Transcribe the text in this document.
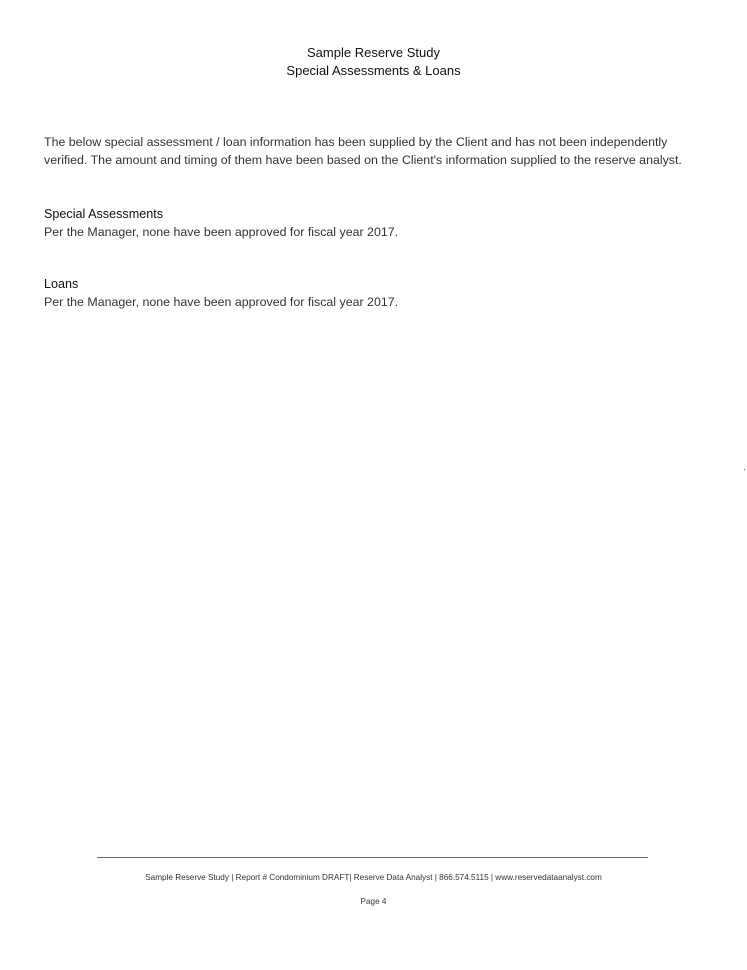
Sample Reserve Study
Special Assessments & Loans

The below special assessment / loan information has been supplied by the Client and has not been independently verified. The amount and timing of them have been based on the Client's information supplied to the reserve analyst.

Special Assessments
Per the Manager, none have been approved for fiscal year 2017.
Loans
Per the Manager, none have been approved for fiscal year 2017.
Sample Reserve Study | Report # Condominium DRAFT| Reserve Data Analyst | 866.574.5115 | www.reservedataanalyst.com
Page 4
